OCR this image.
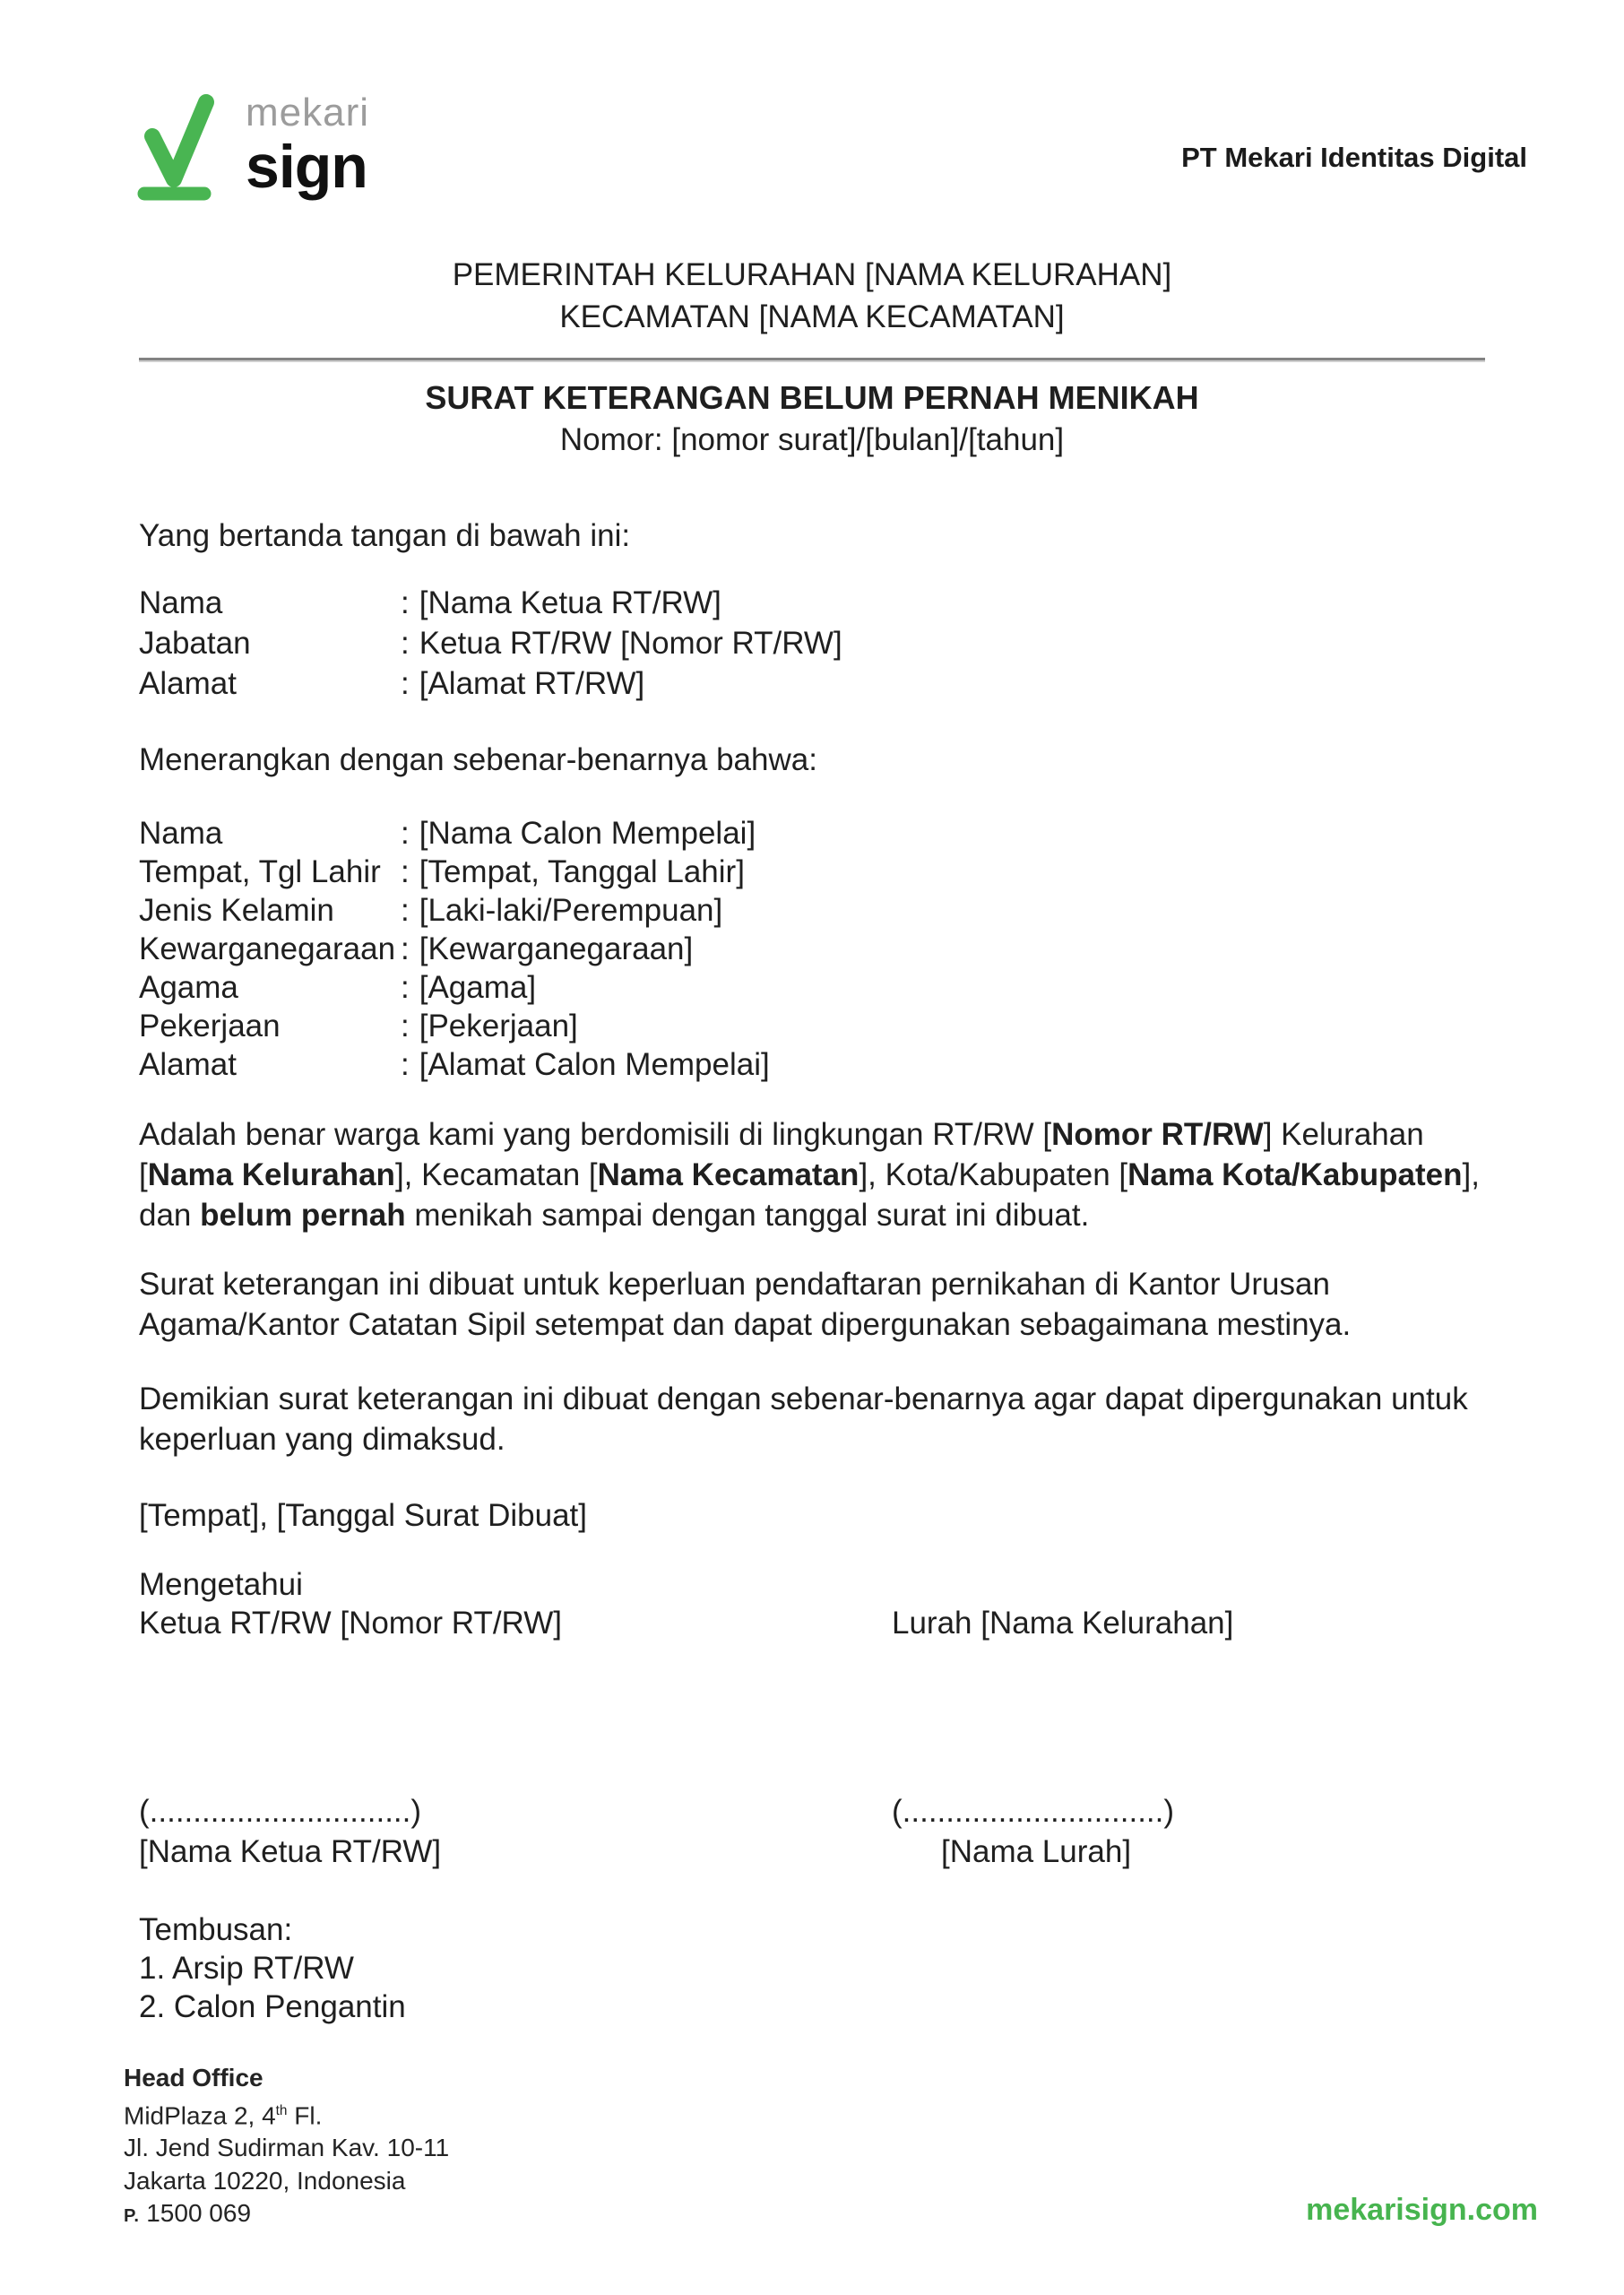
mekari
sign	PT Mekari Identitas Digital
PEMERINTAH KELURAHAN [NAMA KELURAHAN]
KECAMATAN [NAMA KECAMATAN]
SURAT KETERANGAN BELUM PERNAH MENIKAH
Nomor: [nomor surat]/[bulan]/[tahun]
Yang bertanda tangan di bawah ini:
Nama	: [Nama Ketua RT/RW]
Jabatan	: Ketua RT/RW [Nomor RT/RW]
Alamat	: [Alamat RT/RW]
Menerangkan dengan sebenar-benarnya bahwa:
Nama	: [Nama Calon Mempelai]
Tempat, Tgl Lahir : [Tempat, Tanggal Lahir]
Jenis Kelamin	: [Laki-laki/Perempuan]
Kewarganegaraan : [Kewarganegaraan]
Agama	: [Agama]
Pekerjaan	: [Pekerjaan]
Alamat	: [Alamat Calon Mempelai]
Adalah benar warga kami yang berdomisili di lingkungan RT/RW [Nomor RT/RW] Kelurahan [Nama Kelurahan], Kecamatan [Nama Kecamatan], Kota/Kabupaten [Nama Kota/Kabupaten], dan belum pernah menikah sampai dengan tanggal surat ini dibuat.
Surat keterangan ini dibuat untuk keperluan pendaftaran pernikahan di Kantor Urusan Agama/Kantor Catatan Sipil setempat dan dapat dipergunakan sebagaimana mestinya.
Demikian surat keterangan ini dibuat dengan sebenar-benarnya agar dapat dipergunakan untuk keperluan yang dimaksud.
[Tempat], [Tanggal Surat Dibuat]
Mengetahui
Ketua RT/RW [Nomor RT/RW]	Lurah [Nama Kelurahan]
(..............................)	(..............................)
[Nama Ketua RT/RW]	[Nama Lurah]
Tembusan:
1. Arsip RT/RW
2. Calon Pengantin
Head Office
MidPlaza 2, 4th Fl.
Jl. Jend Sudirman Kav. 10-11
Jakarta 10220, Indonesia
P. 1500 069	mekarisign.com
